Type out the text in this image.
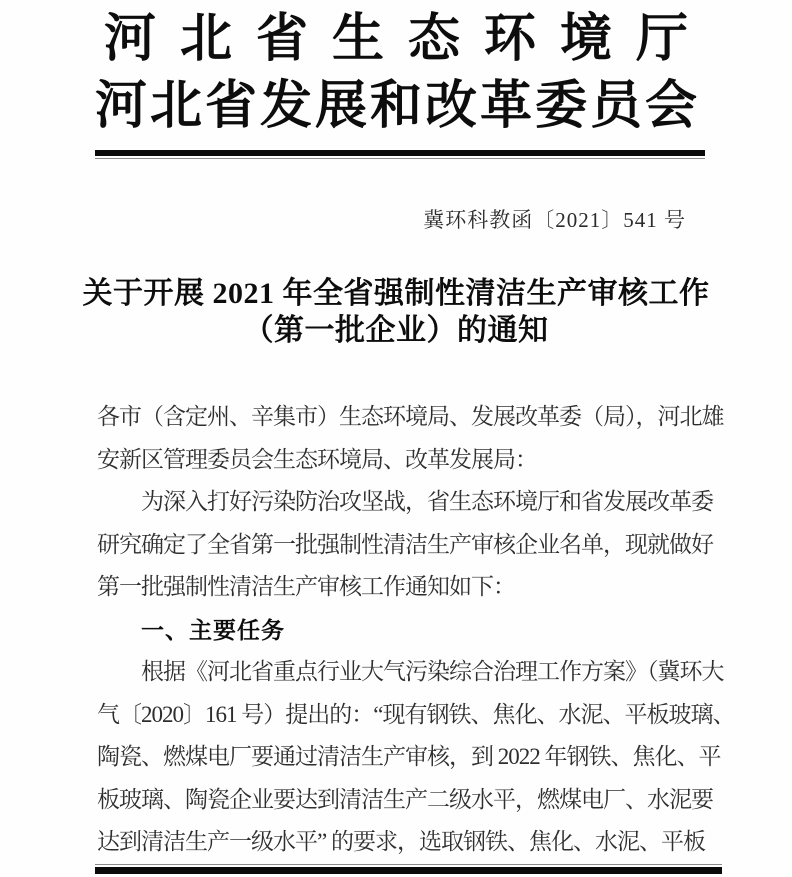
河北省生态环境厅
河北省发展和改革委员会
冀环科教函〔2021〕541 号
关于开展 2021 年全省强制性清洁生产审核工作
（第一批企业）的通知
各市（含定州、辛集市）生态环境局、发展改革委（局），河北雄
安新区管理委员会生态环境局、改革发展局：
为深入打好污染防治攻坚战，省生态环境厅和省发展改革委
研究确定了全省第一批强制性清洁生产审核企业名单，现就做好
第一批强制性清洁生产审核工作通知如下：
一、主要任务
根据《河北省重点行业大气污染综合治理工作方案》（冀环大
气〔2020〕161 号）提出的：“现有钢铁、焦化、水泥、平板玻璃、
陶瓷、燃煤电厂要通过清洁生产审核，到 2022 年钢铁、焦化、平
板玻璃、陶瓷企业要达到清洁生产二级水平，燃煤电厂、水泥要
达到清洁生产一级水平” 的要求，选取钢铁、焦化、水泥、平板
